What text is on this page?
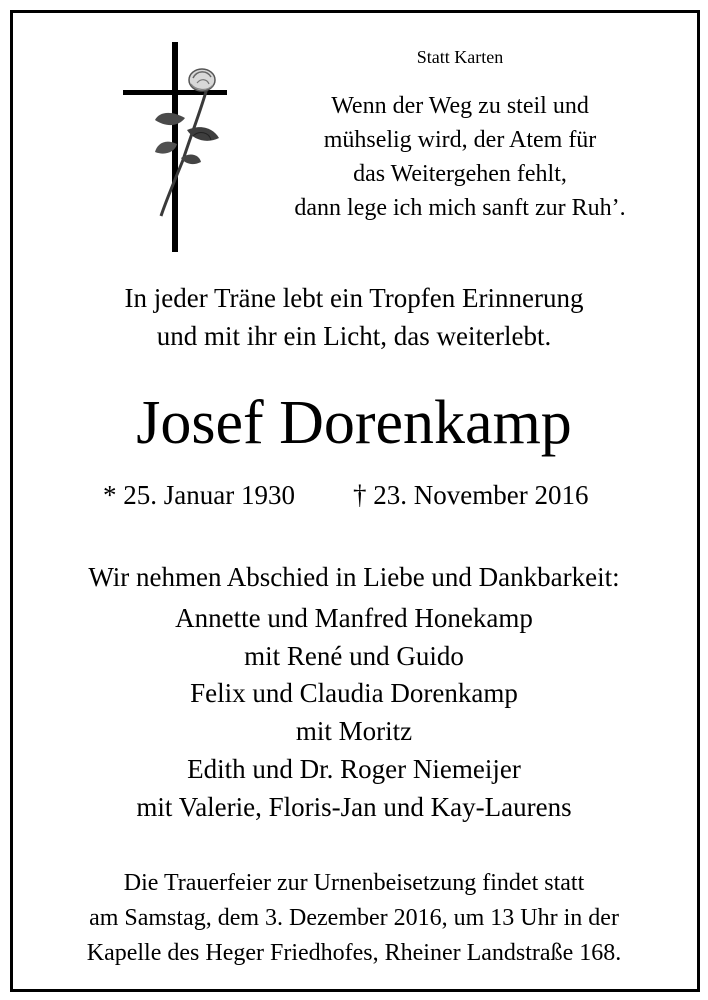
Statt Karten
Wenn der Weg zu steil und
mühselig wird, der Atem für
das Weitergehen fehlt,
dann lege ich mich sanft zur Ruh’.
In jeder Träne lebt ein Tropfen Erinnerung
und mit ihr ein Licht, das weiterlebt.
Josef Dorenkamp
* 25. Januar 1930 † 23. November 2016
Wir nehmen Abschied in Liebe und Dankbarkeit:
Annette und Manfred Honekamp
mit René und Guido
Felix und Claudia Dorenkamp
mit Moritz
Edith und Dr. Roger Niemeijer
mit Valerie, Floris-Jan und Kay-Laurens
Die Trauerfeier zur Urnenbeisetzung findet statt
am Samstag, dem 3. Dezember 2016, um 13 Uhr in der
Kapelle des Heger Friedhofes, Rheiner Landstraße 168.
